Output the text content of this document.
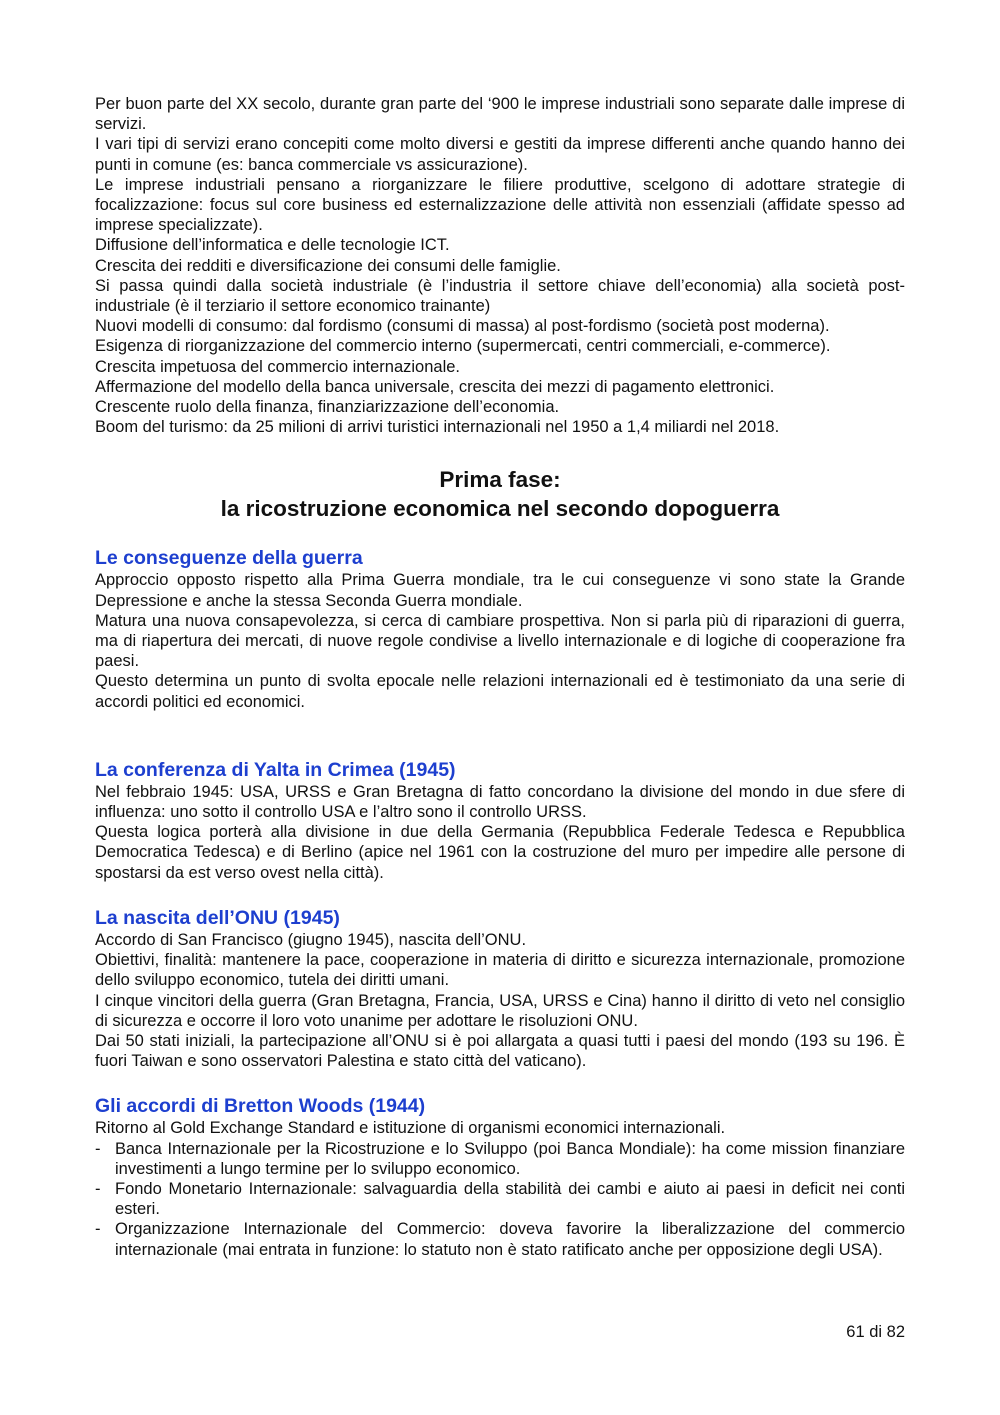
Per buon parte del XX secolo, durante gran parte del ‘900 le imprese industriali sono separate dalle imprese di servizi.

I vari tipi di servizi erano concepiti come molto diversi e gestiti da imprese differenti anche quando hanno dei punti in comune (es: banca commerciale vs assicurazione).

Le imprese industriali pensano a riorganizzare le filiere produttive, scelgono di adottare strategie di focalizzazione: focus sul core business ed esternalizzazione delle attività non essenziali (affidate spesso ad imprese specializzate).

Diffusione dell’informatica e delle tecnologie ICT.

Crescita dei redditi e diversificazione dei consumi delle famiglie.

Si passa quindi dalla società industriale (è l’industria il settore chiave dell’economia) alla società post-industriale (è il terziario il settore economico trainante)

Nuovi modelli di consumo: dal fordismo (consumi di massa) al post-fordismo (società post moderna).

Esigenza di riorganizzazione del commercio interno (supermercati, centri commerciali, e-commerce).

Crescita impetuosa del commercio internazionale.

Affermazione del modello della banca universale, crescita dei mezzi di pagamento elettronici.

Crescente ruolo della finanza, finanziarizzazione dell’economia.

Boom del turismo: da 25 milioni di arrivi turistici internazionali nel 1950 a 1,4 miliardi nel 2018.

Prima fase:
la ricostruzione economica nel secondo dopoguerra
Le conseguenze della guerra

Approccio opposto rispetto alla Prima Guerra mondiale, tra le cui conseguenze vi sono state la Grande Depressione e anche la stessa Seconda Guerra mondiale.

Matura una nuova consapevolezza, si cerca di cambiare prospettiva. Non si parla più di riparazioni di guerra, ma di riapertura dei mercati, di nuove regole condivise a livello internazionale e di logiche di cooperazione fra paesi.

Questo determina un punto di svolta epocale nelle relazioni internazionali ed è testimoniato da una serie di accordi politici ed economici.

La conferenza di Yalta in Crimea (1945)

Nel febbraio 1945: USA, URSS e Gran Bretagna di fatto concordano la divisione del mondo in due sfere di influenza: uno sotto il controllo USA e l’altro sono il controllo URSS.

Questa logica porterà alla divisione in due della Germania (Repubblica Federale Tedesca e Repubblica Democratica Tedesca) e di Berlino (apice nel 1961 con la costruzione del muro per impedire alle persone di spostarsi da est verso ovest nella città).

La nascita dell’ONU (1945)

Accordo di San Francisco (giugno 1945), nascita dell’ONU.

Obiettivi, finalità: mantenere la pace, cooperazione in materia di diritto e sicurezza internazionale, promozione dello sviluppo economico, tutela dei diritti umani.

I cinque vincitori della guerra (Gran Bretagna, Francia, USA, URSS e Cina) hanno il diritto di veto nel consiglio di sicurezza e occorre il loro voto unanime per adottare le risoluzioni ONU.

Dai 50 stati iniziali, la partecipazione all’ONU si è poi allargata a quasi tutti i paesi del mondo (193 su 196. È fuori Taiwan e sono osservatori Palestina e stato città del vaticano).

Gli accordi di Bretton Woods (1944)

Ritorno al Gold Exchange Standard e istituzione di organismi economici internazionali.

- Banca Internazionale per la Ricostruzione e lo Sviluppo (poi Banca Mondiale): ha come mission finanziare investimenti a lungo termine per lo sviluppo economico.
- Fondo Monetario Internazionale: salvaguardia della stabilità dei cambi e aiuto ai paesi in deficit nei conti esteri.
- Organizzazione Internazionale del Commercio: doveva favorire la liberalizzazione del commercio internazionale (mai entrata in funzione: lo statuto non è stato ratificato anche per opposizione degli USA).
61 di 82
